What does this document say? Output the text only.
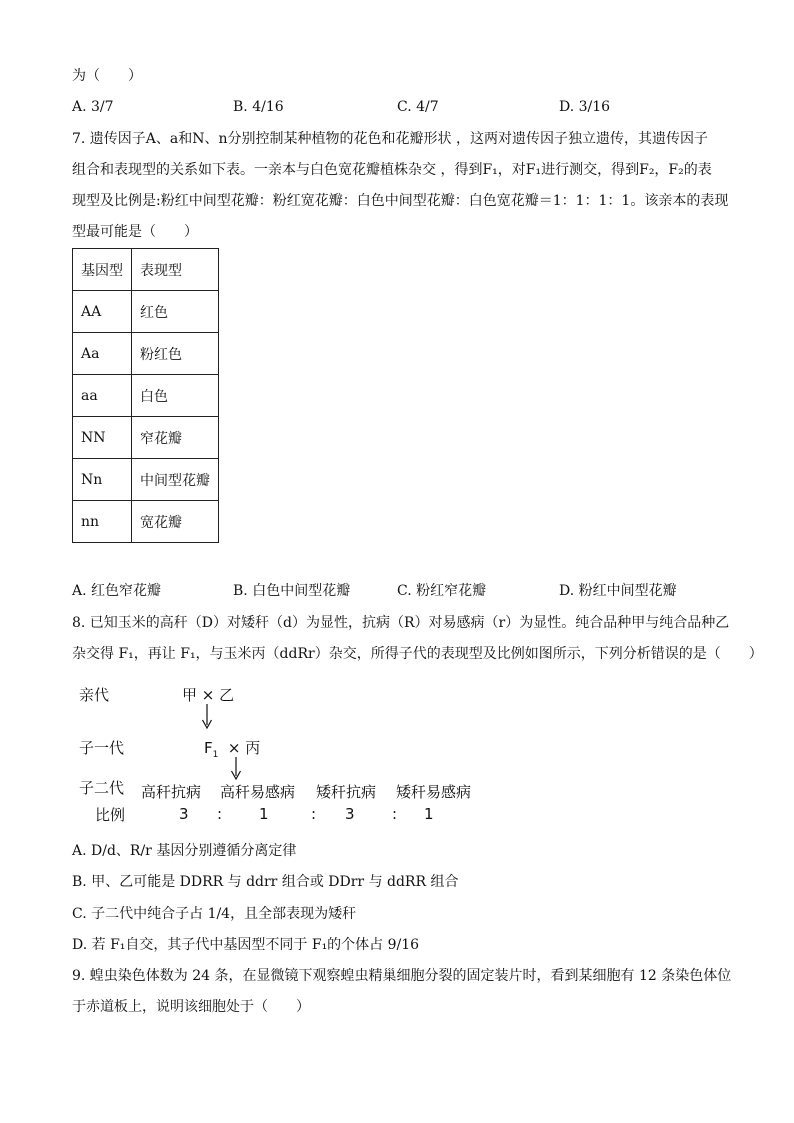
为（　　）
A. 3/7	B. 4/16	C. 4/7	D. 3/16
7. 遗传因子A、a和N、n分别控制某种植物的花色和花瓣形状 ，这两对遗传因子独立遗传，其遗传因子
组合和表现型的关系如下表。一亲本与白色宽花瓣植株杂交 ，得到F₁，对F₁进行测交，得到F₂，F₂的表
现型及比例是:粉红中间型花瓣：粉红宽花瓣：白色中间型花瓣：白色宽花瓣＝1：1：1：1。该亲本的表现
型最可能是（　　）
基因型	表现型
AA	红色
Aa	粉红色
aa	白色
NN	窄花瓣
Nn	中间型花瓣
nn	宽花瓣
A. 红色窄花瓣	B. 白色中间型花瓣	C. 粉红窄花瓣	D. 粉红中间型花瓣
8. 已知玉米的高秆（D）对矮秆（d）为显性，抗病（R）对易感病（r）为显性。纯合品种甲与纯合品种乙
杂交得 F₁，再让 F₁，与玉米丙（ddRr）杂交，所得子代的表现型及比例如图所示，下列分析错误的是（　　）
亲代	甲 × 乙
子一代	$F_1$ × 丙
子二代 高秆抗病 高秆易感病 矮秆抗病 矮秆易感病
比例	3 : 1	: 3 : 1
A. D/d、R/r 基因分别遵循分离定律
B. 甲、乙可能是 DDRR 与 ddrr 组合或 DDrr 与 ddRR 组合
C. 子二代中纯合子占 1/4，且全部表现为矮秆
D. 若 F₁自交，其子代中基因型不同于 F₁的个体占 9/16
9. 蝗虫染色体数为 24 条，在显微镜下观察蝗虫精巢细胞分裂的固定装片时，看到某细胞有 12 条染色体位
于赤道板上，说明该细胞处于（　　）
